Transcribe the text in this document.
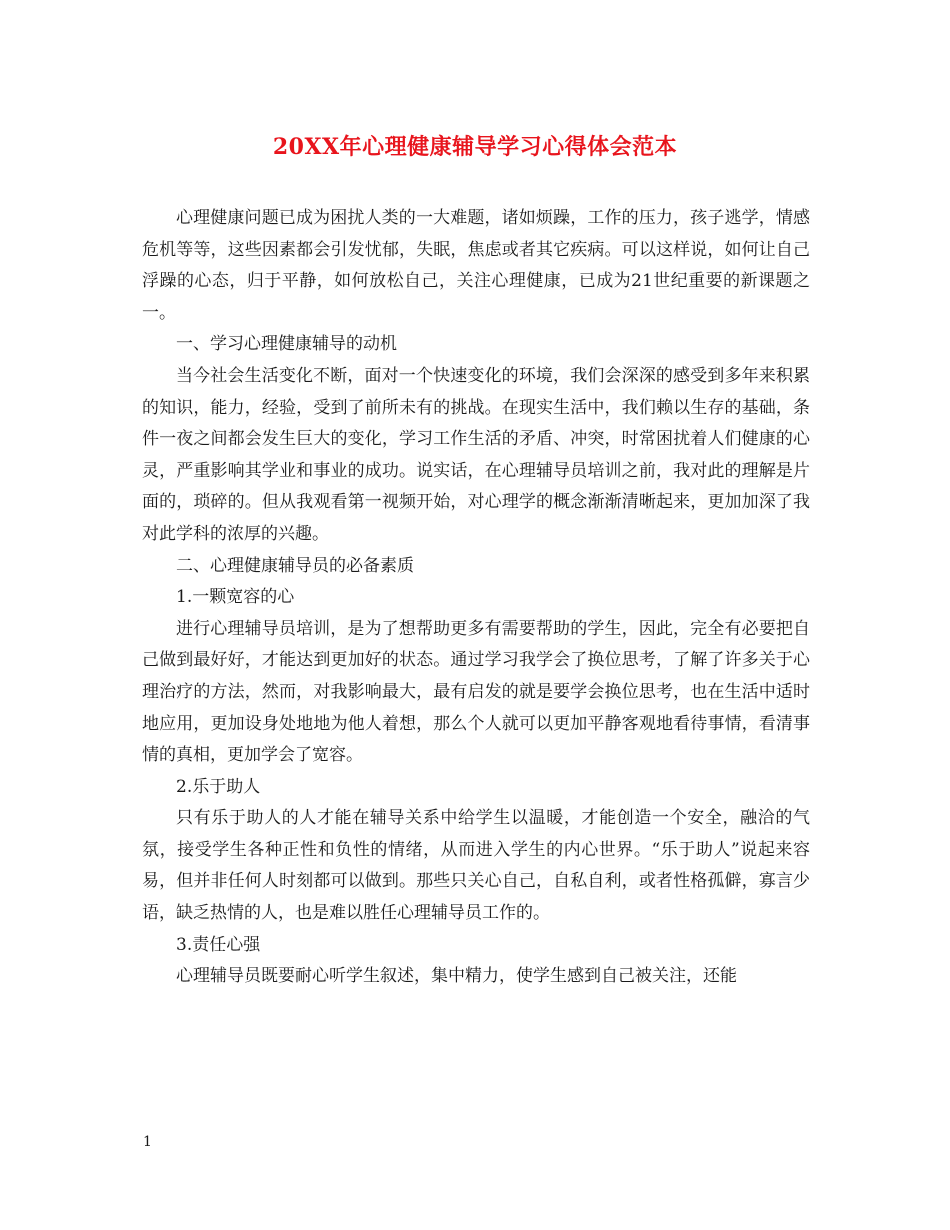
20XX年心理健康辅导学习心得体会范本

心理健康问题已成为困扰人类的一大难题，诸如烦躁，工作的压力，孩子逃学，情感危机等等，这些因素都会引发忧郁，失眠，焦虑或者其它疾病。可以这样说，如何让自己浮躁的心态，归于平静，如何放松自己，关注心理健康，已成为21世纪重要的新课题之一。

一、学习心理健康辅导的动机

当今社会生活变化不断，面对一个快速变化的环境，我们会深深的感受到多年来积累的知识，能力，经验，受到了前所未有的挑战。在现实生活中，我们赖以生存的基础，条件一夜之间都会发生巨大的变化，学习工作生活的矛盾、冲突，时常困扰着人们健康的心灵，严重影响其学业和事业的成功。说实话，在心理辅导员培训之前，我对此的理解是片面的，琐碎的。但从我观看第一视频开始，对心理学的概念渐渐清晰起来，更加加深了我对此学科的浓厚的兴趣。

二、心理健康辅导员的必备素质

1.一颗宽容的心

进行心理辅导员培训，是为了想帮助更多有需要帮助的学生，因此，完全有必要把自己做到最好好，才能达到更加好的状态。通过学习我学会了换位思考，了解了许多关于心理治疗的方法，然而，对我影响最大，最有启发的就是要学会换位思考，也在生活中适时地应用，更加设身处地地为他人着想，那么个人就可以更加平静客观地看待事情，看清事情的真相，更加学会了宽容。

2.乐于助人

只有乐于助人的人才能在辅导关系中给学生以温暖，才能创造一个安全，融洽的气氛，接受学生各种正性和负性的情绪，从而进入学生的内心世界。“乐于助人”说起来容易，但并非任何人时刻都可以做到。那些只关心自己，自私自利，或者性格孤僻，寡言少语，缺乏热情的人，也是难以胜任心理辅导员工作的。

3.责任心强

心理辅导员既要耐心听学生叙述，集中精力，使学生感到自己被关注，还能

1
